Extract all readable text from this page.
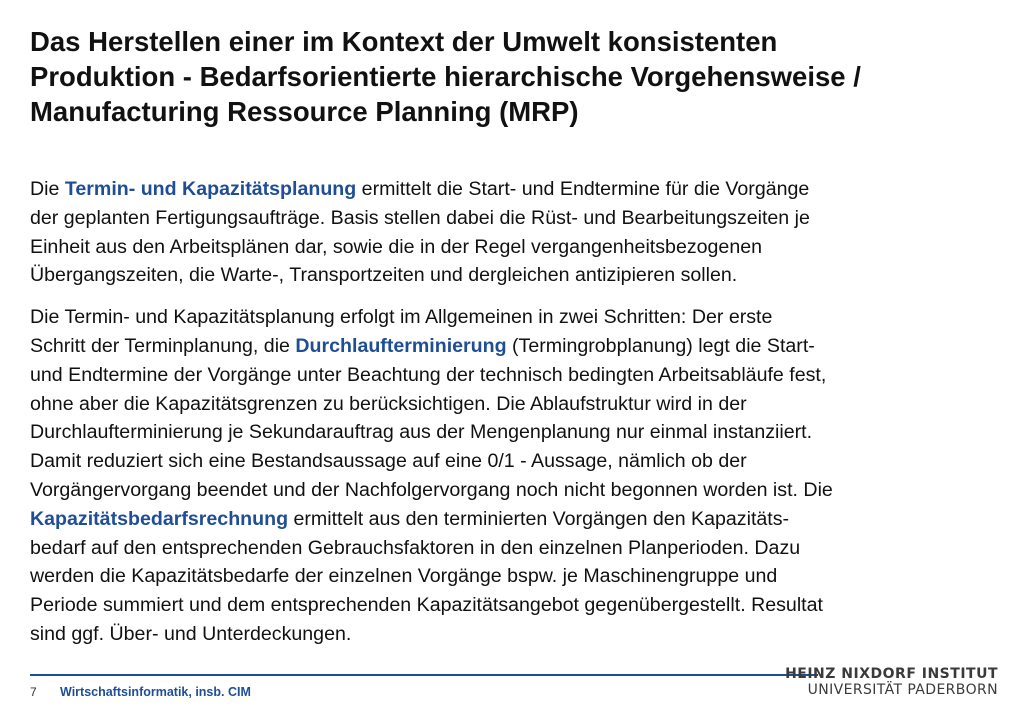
Das Herstellen einer im Kontext der Umwelt konsistenten
Produktion - Bedarfsorientierte hierarchische Vorgehensweise /
Manufacturing Ressource Planning (MRP)

Die Termin- und Kapazitätsplanung ermittelt die Start- und Endtermine für die Vorgänge
der geplanten Fertigungsaufträge. Basis stellen dabei die Rüst- und Bearbeitungszeiten je
Einheit aus den Arbeitsplänen dar, sowie die in der Regel vergangenheitsbezogenen
Übergangszeiten, die Warte-, Transportzeiten und dergleichen antizipieren sollen.

Die Termin- und Kapazitätsplanung erfolgt im Allgemeinen in zwei Schritten: Der erste
Schritt der Terminplanung, die Durchlaufterminierung (Termingrobplanung) legt die Start-
und Endtermine der Vorgänge unter Beachtung der technisch bedingten Arbeitsabläufe fest,
ohne aber die Kapazitätsgrenzen zu berücksichtigen. Die Ablaufstruktur wird in der
Durchlaufterminierung je Sekundarauftrag aus der Mengenplanung nur einmal instanziiert.
Damit reduziert sich eine Bestandsaussage auf eine 0/1 - Aussage, nämlich ob der
Vorgängervorgang beendet und der Nachfolgervorgang noch nicht begonnen worden ist. Die
Kapazitätsbedarfsrechnung ermittelt aus den terminierten Vorgängen den Kapazitäts-
bedarf auf den entsprechenden Gebrauchsfaktoren in den einzelnen Planperioden. Dazu
werden die Kapazitätsbedarfe der einzelnen Vorgänge bspw. je Maschinengruppe und
Periode summiert und dem entsprechenden Kapazitätsangebot gegenübergestellt. Resultat
sind ggf. Über- und Unterdeckungen.

7 Wirtschaftsinformatik, insb. CIM
HEINZ NIXDORF INSTITUT
UNIVERSITÄT PADERBORN
